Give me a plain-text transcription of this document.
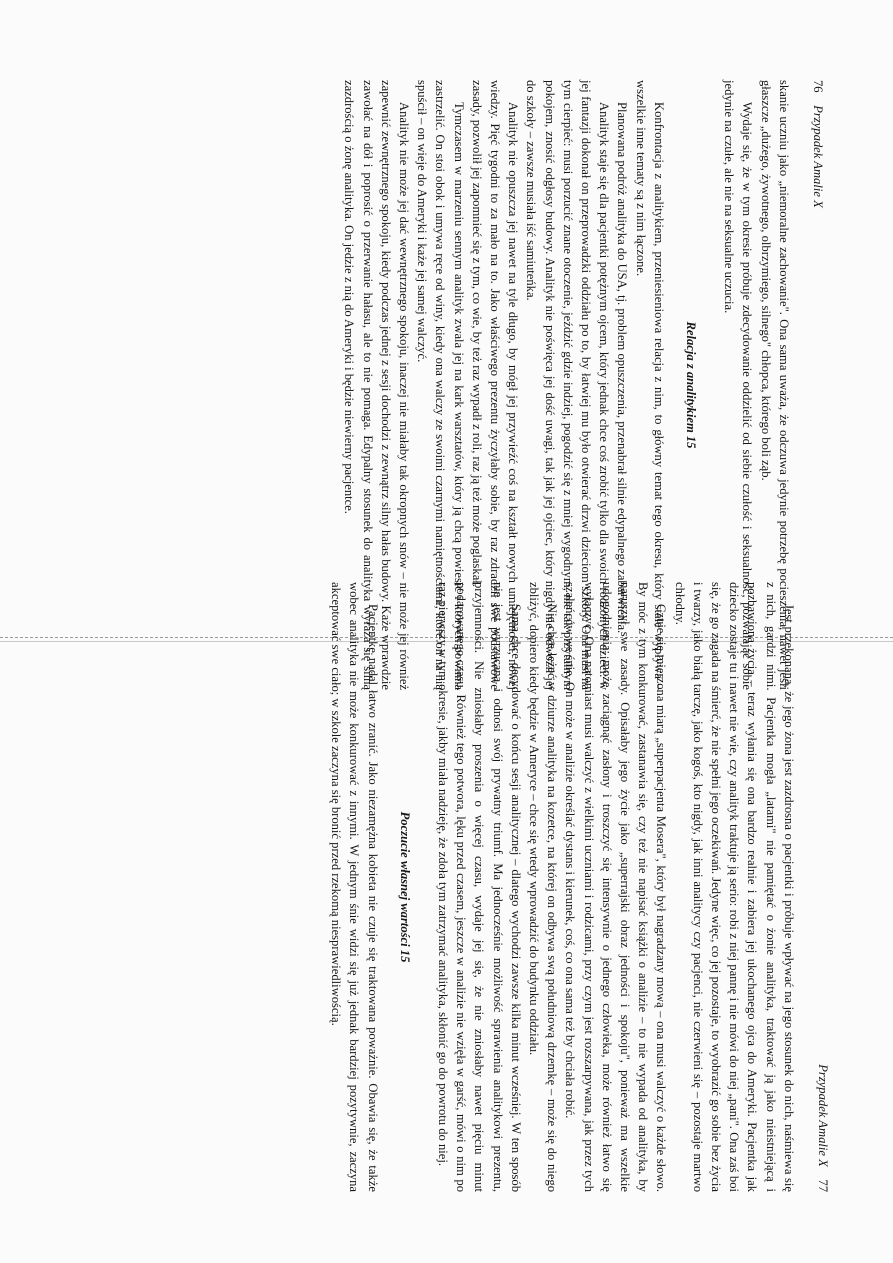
76    Przypadek Amalie X

skanie uczniu jako „niemoralne zachowanie". Ona sama uważa, że odczuwa jedynie potrzebę pocieszenia, nawet jeśli głaszcze „dużego, żywotnego, olbrzymiego, silnego" chłopca, którego boli ząb.

Wydaje się, że w tym okresie próbuje zdecydowanie oddzielić od siebie czułość i seksualność, pozwalając sobie jedynie na czułe, ale nie na seksualne uczucia.

Relacja z analitykiem 15

Konfrontacja z analitykiem, przeniesieniowa relacja z nim, to główny temat tego okresu, który stale wypływa – wszelkie inne tematy są z nim łączone.

Planowana podróż analityka do USA, tj. problem opuszczenia, przenabrał silnie edypalnego zabarwienia.

Analityk staje się dla pacjentki potężnym ojcem, który jednak chce coś zrobić tylko dla swoich rodzonych dzieci: w jej fantazji dokonał on przeprowadzki oddziału po to, by łatwiej mu było otwierać drzwi dzieciom szkoły. Ona musi na tym cierpieć: musi porzucić znane otoczenie, jeździć gdzie indziej, pogodzić się z mniej wygodnym, nie tak przytulnym pokojem, znosić odgłosy budowy. Analityk nie poświęca jej dość uwagi, tak jak jej ojciec, który nigdy nie odwoził jej do szkoły – zawsze musiała iść samiuteńka.

Analityk nie opuszcza jej nawet na tyle długo, by mógł jej przywieźć coś na kształt nowych umiejętności, nowej wiedzy. Pięć tygodni to za mało na to. Jako właściwego prezentu życzyłaby sobie, by raz zdradził swe podstawowe zasady, pozwolił jej zapomnieć się z tym, co wie, by też raz wypadł z roli, raz ją też może poglaskał.

Tymczasem w marzeniu sennym analityk zwala jej na kark warsztatów, który ją chcą powiesić i których powinna zastrzelić. On stoi obok i umywa ręce od winy, kiedy ona walczy ze swoimi czarnymi namiętnościami, które on na nią spuścił – on wieje do Ameryki i każe jej samej walczyć.

Analityk nie może jej dać wewnętrznego spokoju, inaczej nie miałaby tak okropnych snów – nie może jej również zapewnić zewnętrznego spokoju, kiedy podczas jednej z sesji dochodzi z zewnątrz silny hałas budowy. Każe wprawdzie zawołać na dół i poprosić o przerwanie hałasu, ale to nie pomaga. Edypalny stosunek do analityka wyraża się silną zazdrością o żonę analityka. On jedzie z nią do Ameryki i będzie niewierny pacjentce.

Przypadek Amalie X    77

Jest przekonana, że jego żona jest zazdrosna o pacjentki i próbuje wpływać na jego stosunek do nich, naśmiewa się z nich, gardzi nimi. Pacjentka mogła „latami" nie pamiętać o żonie analityka, traktować ją jako nieistniejącą i pozbawioną życia – teraz wyłania się ona bardzo realnie i zabiera jej ukochanego ojca do Ameryki. Pacjentka jak dziecko zostaje tu i nawet nie wie, czy analityk traktuje ją serio: robi z niej pannę i nie mówi do niej „pani". Ona zaś boi się, że go zagada na śmierć, że nie spełni jego oczekiwań. Jedyne więc, co jej pozostaje, to wyobrazić go sobie bez życia i twarzy, jako białą tarczę, jako kogoś, kto nigdy, jak inni analitycy czy pacjenci, nie czerwieni się – pozostaje martwo chłodny.

Czuje się mierzona miarą „superpacjenta Mosera", który był nagradzany mową – ona musi walczyć o każde słowo. By móc z tym konkurować, zastanawia się, czy też nie napisać książki o analizie – to nie wypada od analityka, by naruszył swe zasady. Opisałaby jego życie jako „superrajski obraz jedności i spokoju", ponieważ ma wszelkie udogodnienia: może zaciągnąć zasłony i troszczyć się intensywnie o jednego człowieka, może również łatwo się wyłączyć. Ona natomiast musi walczyć z wielkimi uczniami i rodzicami, przy czym jest rozszarpywana, jak przez tych szaleńców we śnie. On może w analizie określać dystans i kierunek, coś, co ona sama też by chciała robić.

Nie chce leżeć w dziurze analityka na kozetce, na której on odbywa swą południową drzemkę – może się do niego zbliżyć, dopiero kiedy będzie w Ameryce – chce się wtedy wprowadzić do budynku oddziału.

Sama chce decydować o końcu sesji analitycznej – dlatego wychodzi zawsze kilka minut wcześniej. W ten sposób nie jest wyrzucana i odnosi swój prywatny triumf. Ma jednocześnie możliwość sprawienia analitykowi prezentu, przyjemności. Nie zniosłaby proszenia o więcej czasu, wydaje jej się, że nie zniosłaby nawet pięciu minut podarowanego czasu. Również tego potwora, lęku przed czasem, jeszcze w analizie nie wzięła w garść, mówi o nim po raz pierwszy w tym okresie, jakby miała nadzieję, że zdoła tym zatrzymać analityka, skłonić go do powrotu do niej.

Poczucie własnej wartości 15

Pacjentkę nadal łatwo zranić. Jako niezamężna kobieta nie czuje się traktowana poważnie. Obawia się, że także wobec analityka nie może konkurować z innymi. W jednym śnie widzi się już jednak bardziej pozytywnie, zaczyna akceptować swe ciało; w szkole zaczyna się bronić przed rzekomą niesprawiedliwością.
